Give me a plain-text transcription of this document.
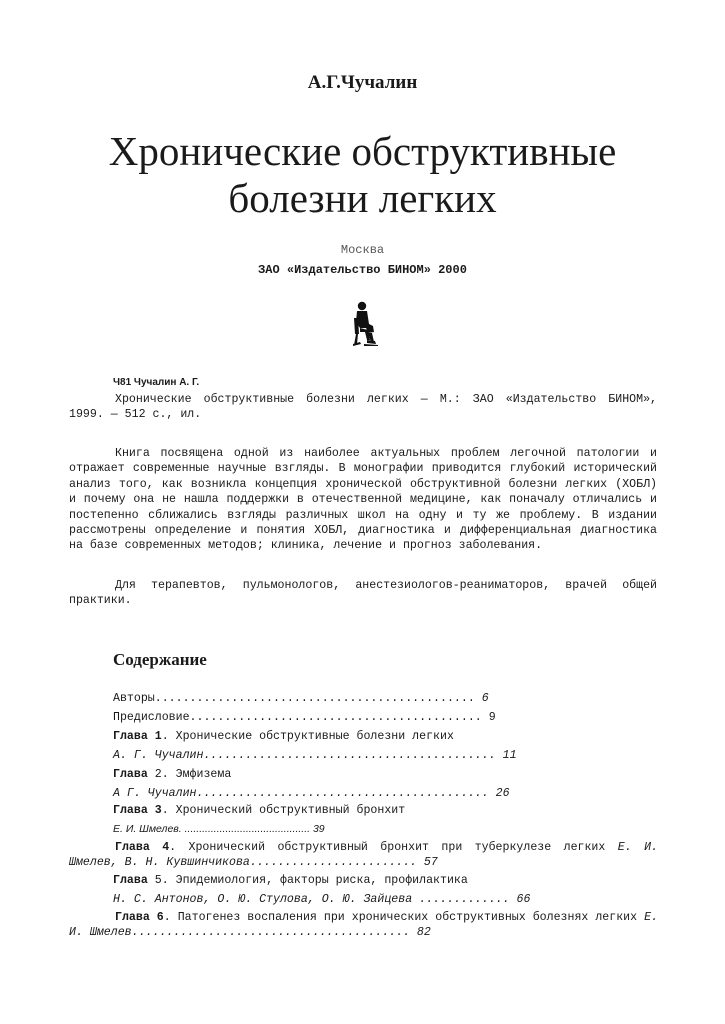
А.Г.Чучалин
Хронические обструктивные
болезни легких
Москва
ЗАО «Издательство БИНОМ» 2000
Ч81 Чучалин А. Г.
Хронические обструктивные болезни легких — М.: ЗАО «Издательство БИНОМ», 1999. — 512 с., ил.
Книга посвящена одной из наиболее актуальных проблем легочной патологии и отражает современные научные взгляды. В монографии приводится глубокий исторический анализ того, как возникла концепция хронической обструктивной болезни легких (ХОБЛ) и почему она не нашла поддержки в отечественной медицине, как поначалу отличались и постепенно сближались взгляды различных школ на одну и ту же проблему. В издании рассмотрены определение и понятия ХОБЛ, диагностика и дифференциальная диагностика на базе современных методов; клиника, лечение и прогноз заболевания.
Для терапевтов, пульмонологов, анестезиологов-реаниматоров, врачей общей практики.
Содержание
Авторы.............................................. 6
Предисловие.......................................... 9
Глава 1. Хронические обструктивные болезни легких
А. Г. Чучалин.......................................... 11
Глава 2. Эмфизема
А Г. Чучалин.......................................... 26
Глава 3. Хронический обструктивный бронхит
Е. И. Шмелев. ........................................... 39
Глава 4. Хронический обструктивный бронхит при туберкулезе легких Е. И. Шмелев, В. Н. Кувшинчикова........................ 57
Глава 5. Эпидемиология, факторы риска, профилактика
Н. С. Антонов, О. Ю. Стулова, О. Ю. Зайцева ............. 66
Глава 6. Патогенез воспаления при хронических обструктивных болезнях легких Е. И. Шмелев........................................ 82
